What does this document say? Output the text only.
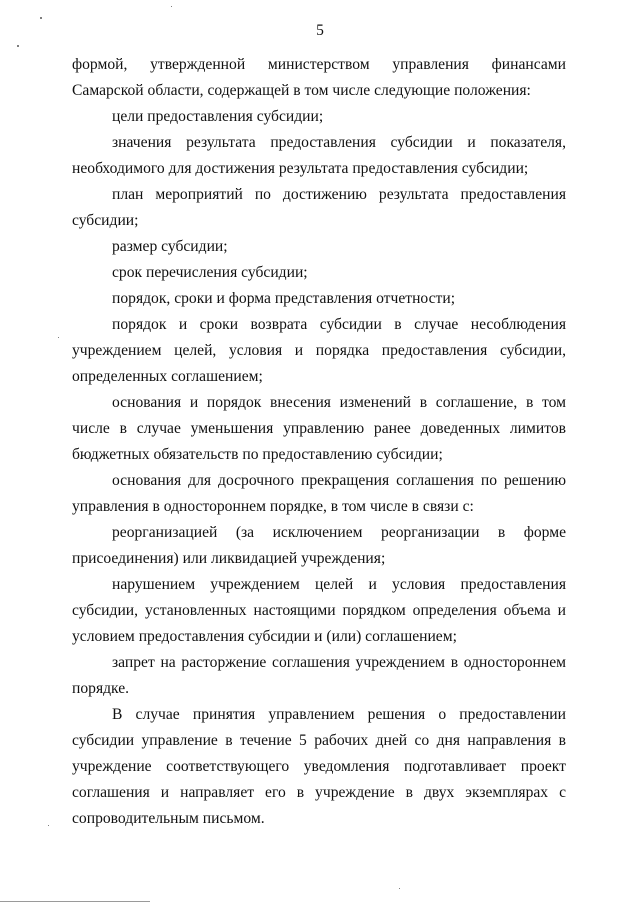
5

формой, утвержденной министерством управления финансами Самарской области, содержащей в том числе следующие положения:

цели предоставления субсидии;

значения результата предоставления субсидии и показателя, необходимого для достижения результата предоставления субсидии;

план мероприятий по достижению результата предоставления субсидии;

размер субсидии;

срок перечисления субсидии;

порядок, сроки и форма представления отчетности;

порядок и сроки возврата субсидии в случае несоблюдения учреждением целей, условия и порядка предоставления субсидии, определенных соглашением;

основания и порядок внесения изменений в соглашение, в том числе в случае уменьшения управлению ранее доведенных лимитов бюджетных обязательств по предоставлению субсидии;

основания для досрочного прекращения соглашения по решению управления в одностороннем порядке, в том числе в связи с:

реорганизацией (за исключением реорганизации в форме присоединения) или ликвидацией учреждения;

нарушением учреждением целей и условия предоставления субсидии, установленных настоящими порядком определения объема и условием предоставления субсидии и (или) соглашением;

запрет на расторжение соглашения учреждением в одностороннем порядке.

В случае принятия управлением решения о предоставлении субсидии управление в течение 5 рабочих дней со дня направления в учреждение соответствующего уведомления подготавливает проект соглашения и направляет его в учреждение в двух экземплярах с сопроводительным письмом.
